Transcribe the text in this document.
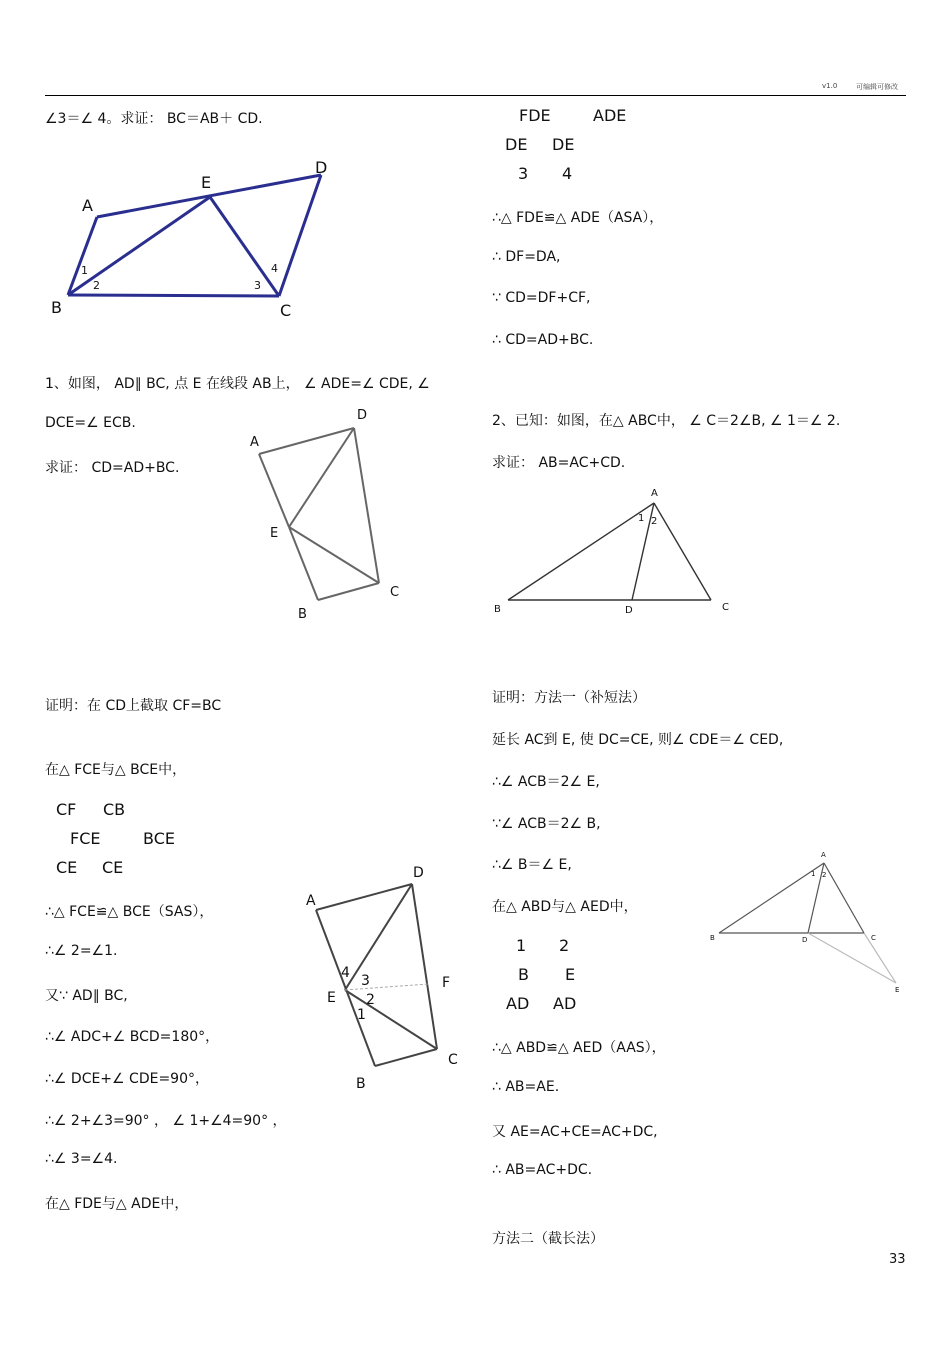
v1.0	可编辑可修改
∠3＝∠ 4。求证： BC＝AB＋ CD.
A
E
D
B	C
1
2	3
4
A
D
E
C
B
A
D
F
E
C
B
4 3
2
1
A
B	D	C
1 2
A
B	D	C
E
1 2
1、如图， AD∥ BC, 点 E 在线段 AB上， ∠ ADE=∠ CDE, ∠
DCE=∠ ECB.
求证： CD=AD+BC.
证明：在 CD上截取 CF=BC
在△ FCE与△ BCE中，
CF CB
FCE	BCE
CE CE
∴△ FCE≌△ BCE（SAS），
∴∠ 2=∠1.
又∵ AD∥ BC,
∴∠ ADC+∠ BCD=180°，
∴∠ DCE+∠ CDE=90°，
∴∠ 2+∠3=90° ， ∠ 1+∠4=90° ，
∴∠ 3=∠4.
在△ FDE与△ ADE中，
FDE	ADE
DE DE
3 4
∴△ FDE≌△ ADE（ASA），
∴ DF=DA,
∵ CD=DF+CF,
∴ CD=AD+BC.
2、已知：如图，在△ ABC中， ∠ C＝2∠B, ∠ 1＝∠ 2.
求证： AB=AC+CD.
证明：方法一（补短法）
延长 AC到 E, 使 DC=CE, 则∠ CDE＝∠ CED,
∴∠ ACB＝2∠ E,
∵∠ ACB＝2∠ B,
∴∠ B＝∠ E,
在△ ABD与△ AED中，
1 2
B E
AD AD
∴△ ABD≌△ AED（AAS），
∴ AB=AE.
又 AE=AC+CE=AC+DC,
∴ AB=AC+DC.
方法二（截长法）
33
